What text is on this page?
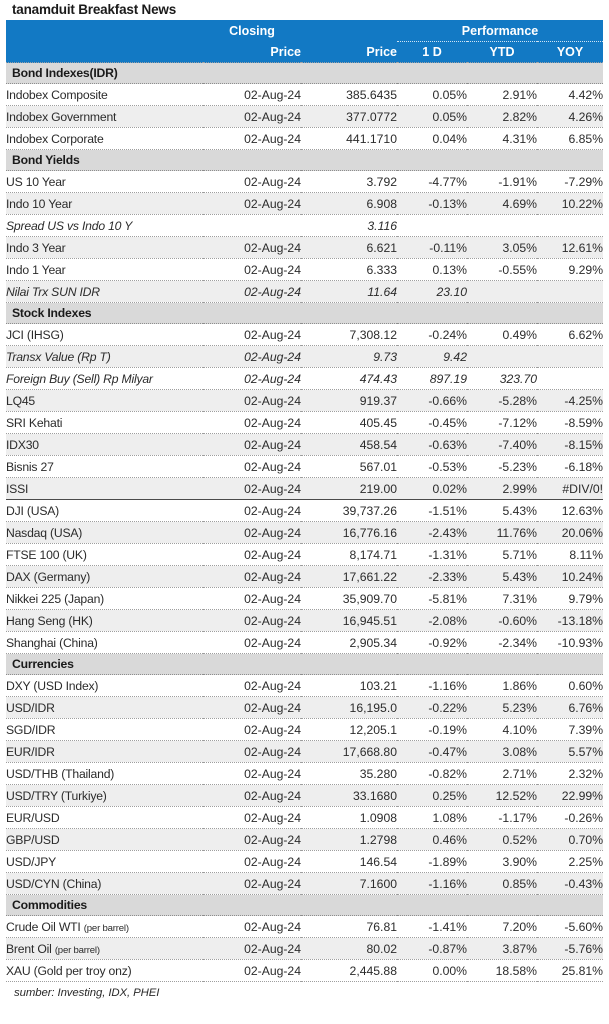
tanamduit Breakfast News
	Closing		Performance		
	Price	Price	1 D	YTD	YOY
Bond Indexes(IDR)					
Indobex Composite	02-Aug-24	385.6435	0.05%	2.91%	4.42%
Indobex Government	02-Aug-24	377.0772	0.05%	2.82%	4.26%
Indobex Corporate	02-Aug-24	441.1710	0.04%	4.31%	6.85%
Bond Yields					
US 10 Year	02-Aug-24	3.792	-4.77%	-1.91%	-7.29%
Indo 10 Year	02-Aug-24	6.908	-0.13%	4.69%	10.22%
Spread US vs Indo 10 Y		3.116			
Indo 3 Year	02-Aug-24	6.621	-0.11%	3.05%	12.61%
Indo 1 Year	02-Aug-24	6.333	0.13%	-0.55%	9.29%
Nilai Trx SUN IDR	02-Aug-24	11.64	23.10		
Stock Indexes					
JCI (IHSG)	02-Aug-24	7,308.12	-0.24%	0.49%	6.62%
Transx Value (Rp T)	02-Aug-24	9.73	9.42		
Foreign Buy (Sell) Rp Milyar	02-Aug-24	474.43	897.19	323.70	
LQ45	02-Aug-24	919.37	-0.66%	-5.28%	-4.25%
SRI Kehati	02-Aug-24	405.45	-0.45%	-7.12%	-8.59%
IDX30	02-Aug-24	458.54	-0.63%	-7.40%	-8.15%
Bisnis 27	02-Aug-24	567.01	-0.53%	-5.23%	-6.18%
ISSI	02-Aug-24	219.00	0.02%	2.99%	#DIV/0!
DJI (USA)	02-Aug-24	39,737.26	-1.51%	5.43%	12.63%
Nasdaq (USA)	02-Aug-24	16,776.16	-2.43%	11.76%	20.06%
FTSE 100 (UK)	02-Aug-24	8,174.71	-1.31%	5.71%	8.11%
DAX (Germany)	02-Aug-24	17,661.22	-2.33%	5.43%	10.24%
Nikkei 225 (Japan)	02-Aug-24	35,909.70	-5.81%	7.31%	9.79%
Hang Seng (HK)	02-Aug-24	16,945.51	-2.08%	-0.60%	-13.18%
Shanghai (China)	02-Aug-24	2,905.34	-0.92%	-2.34%	-10.93%
Currencies					
DXY (USD Index)	02-Aug-24	103.21	-1.16%	1.86%	0.60%
USD/IDR	02-Aug-24	16,195.0	-0.22%	5.23%	6.76%
SGD/IDR	02-Aug-24	12,205.1	-0.19%	4.10%	7.39%
EUR/IDR	02-Aug-24	17,668.80	-0.47%	3.08%	5.57%
USD/THB (Thailand)	02-Aug-24	35.280	-0.82%	2.71%	2.32%
USD/TRY (Turkiye)	02-Aug-24	33.1680	0.25%	12.52%	22.99%
EUR/USD	02-Aug-24	1.0908	1.08%	-1.17%	-0.26%
GBP/USD	02-Aug-24	1.2798	0.46%	0.52%	0.70%
USD/JPY	02-Aug-24	146.54	-1.89%	3.90%	2.25%
USD/CYN (China)	02-Aug-24	7.1600	-1.16%	0.85%	-0.43%
Commodities					
Crude Oil WTI (per barrel)	02-Aug-24	76.81	-1.41%	7.20%	-5.60%
Brent Oil (per barrel)	02-Aug-24	80.02	-0.87%	3.87%	-5.76%
XAU (Gold per troy onz)	02-Aug-24	2,445.88	0.00%	18.58%	25.81%
sumber: Investing, IDX, PHEI
